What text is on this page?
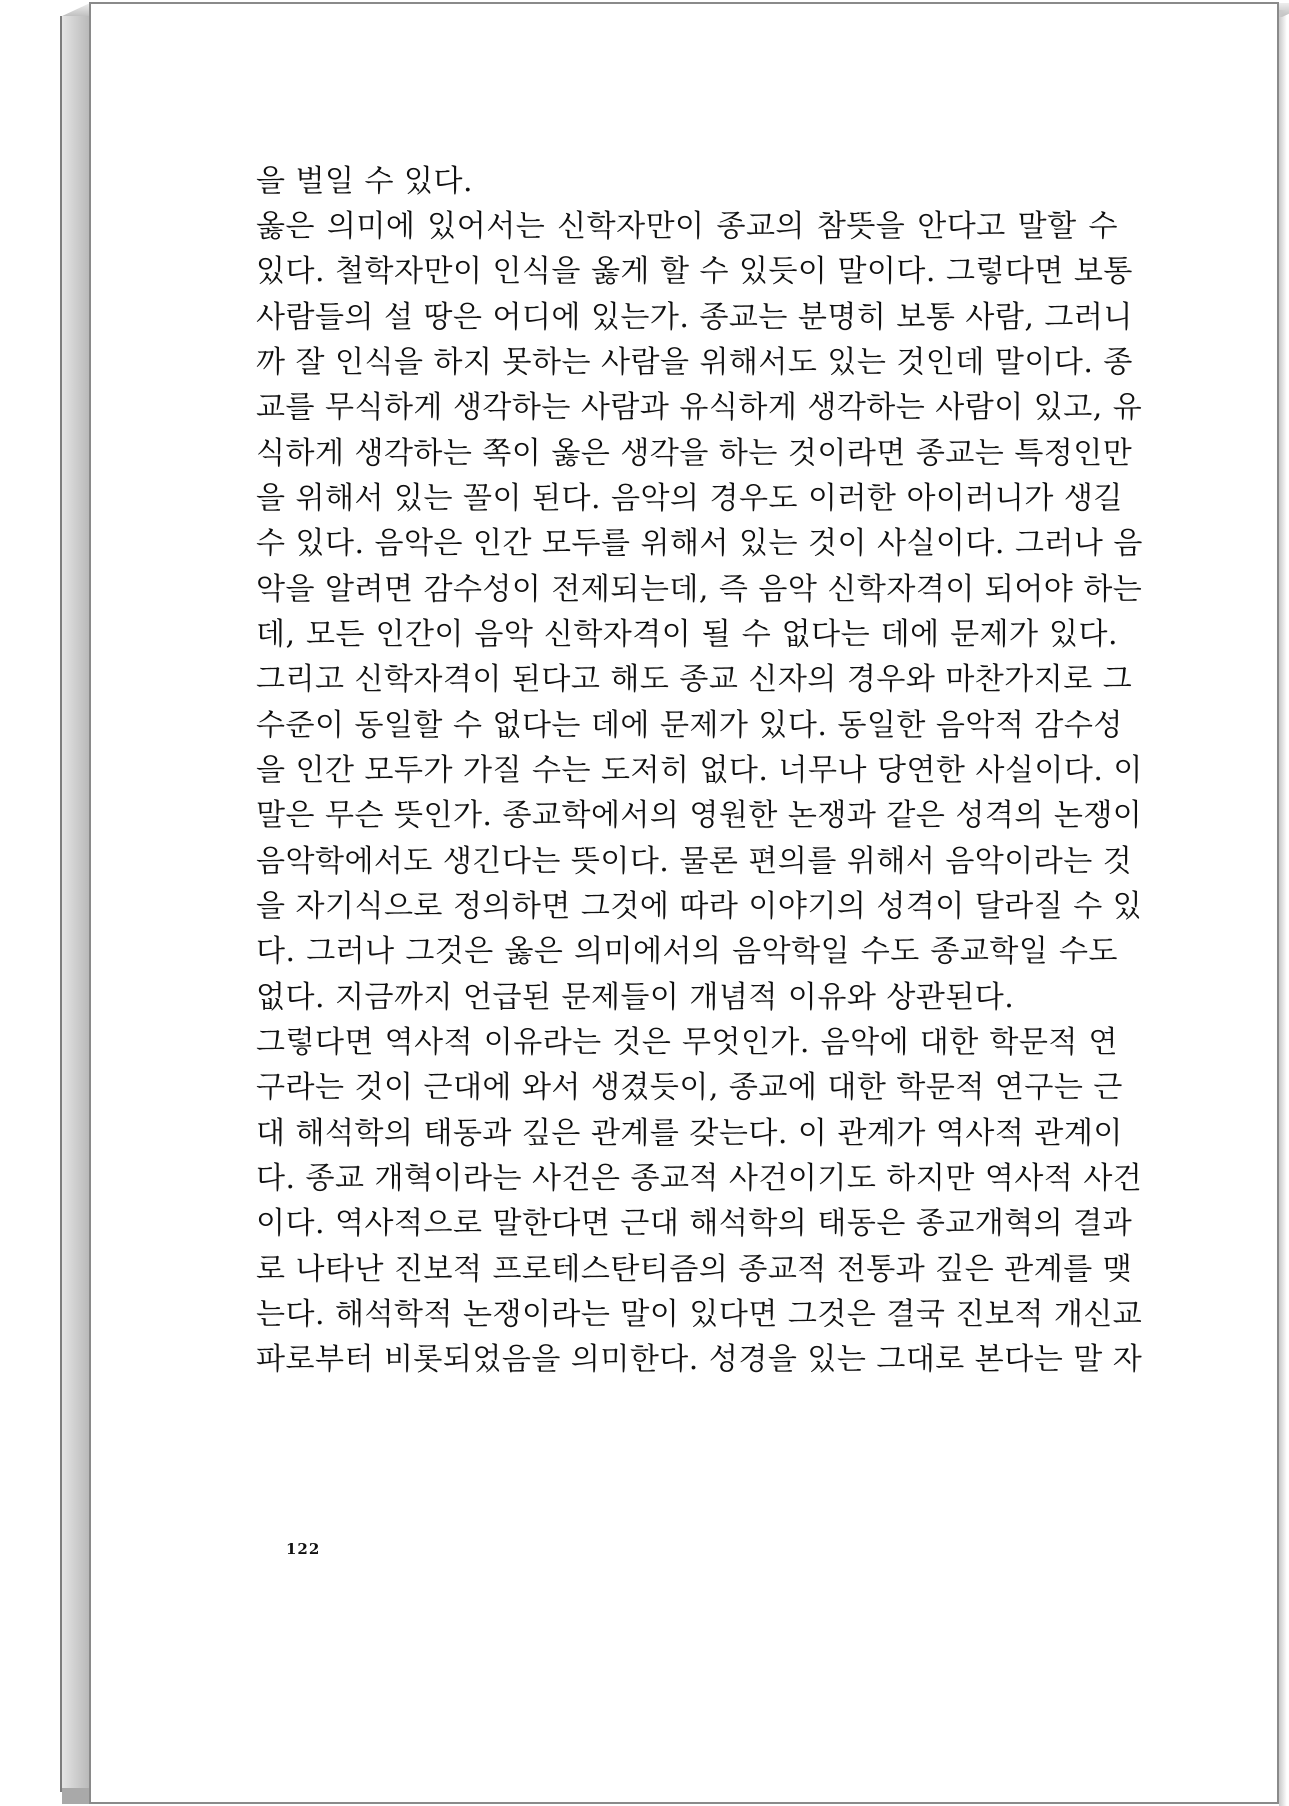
을 벌일 수 있다.
옳은 의미에 있어서는 신학자만이 종교의 참뜻을 안다고 말할 수
있다. 철학자만이 인식을 옳게 할 수 있듯이 말이다. 그렇다면 보통
사람들의 설 땅은 어디에 있는가. 종교는 분명히 보통 사람, 그러니
까 잘 인식을 하지 못하는 사람을 위해서도 있는 것인데 말이다. 종
교를 무식하게 생각하는 사람과 유식하게 생각하는 사람이 있고, 유
식하게 생각하는 쪽이 옳은 생각을 하는 것이라면 종교는 특정인만
을 위해서 있는 꼴이 된다. 음악의 경우도 이러한 아이러니가 생길
수 있다. 음악은 인간 모두를 위해서 있는 것이 사실이다. 그러나 음
악을 알려면 감수성이 전제되는데, 즉 음악 신학자격이 되어야 하는
데, 모든 인간이 음악 신학자격이 될 수 없다는 데에 문제가 있다.
그리고 신학자격이 된다고 해도 종교 신자의 경우와 마찬가지로 그
수준이 동일할 수 없다는 데에 문제가 있다. 동일한 음악적 감수성
을 인간 모두가 가질 수는 도저히 없다. 너무나 당연한 사실이다. 이
말은 무슨 뜻인가. 종교학에서의 영원한 논쟁과 같은 성격의 논쟁이
음악학에서도 생긴다는 뜻이다. 물론 편의를 위해서 음악이라는 것
을 자기식으로 정의하면 그것에 따라 이야기의 성격이 달라질 수 있
다. 그러나 그것은 옳은 의미에서의 음악학일 수도 종교학일 수도
없다. 지금까지 언급된 문제들이 개념적 이유와 상관된다.
그렇다면 역사적 이유라는 것은 무엇인가. 음악에 대한 학문적 연
구라는 것이 근대에 와서 생겼듯이, 종교에 대한 학문적 연구는 근
대 해석학의 태동과 깊은 관계를 갖는다. 이 관계가 역사적 관계이
다. 종교 개혁이라는 사건은 종교적 사건이기도 하지만 역사적 사건
이다. 역사적으로 말한다면 근대 해석학의 태동은 종교개혁의 결과
로 나타난 진보적 프로테스탄티즘의 종교적 전통과 깊은 관계를 맺
는다. 해석학적 논쟁이라는 말이 있다면 그것은 결국 진보적 개신교
파로부터 비롯되었음을 의미한다. 성경을 있는 그대로 본다는 말 자
122
